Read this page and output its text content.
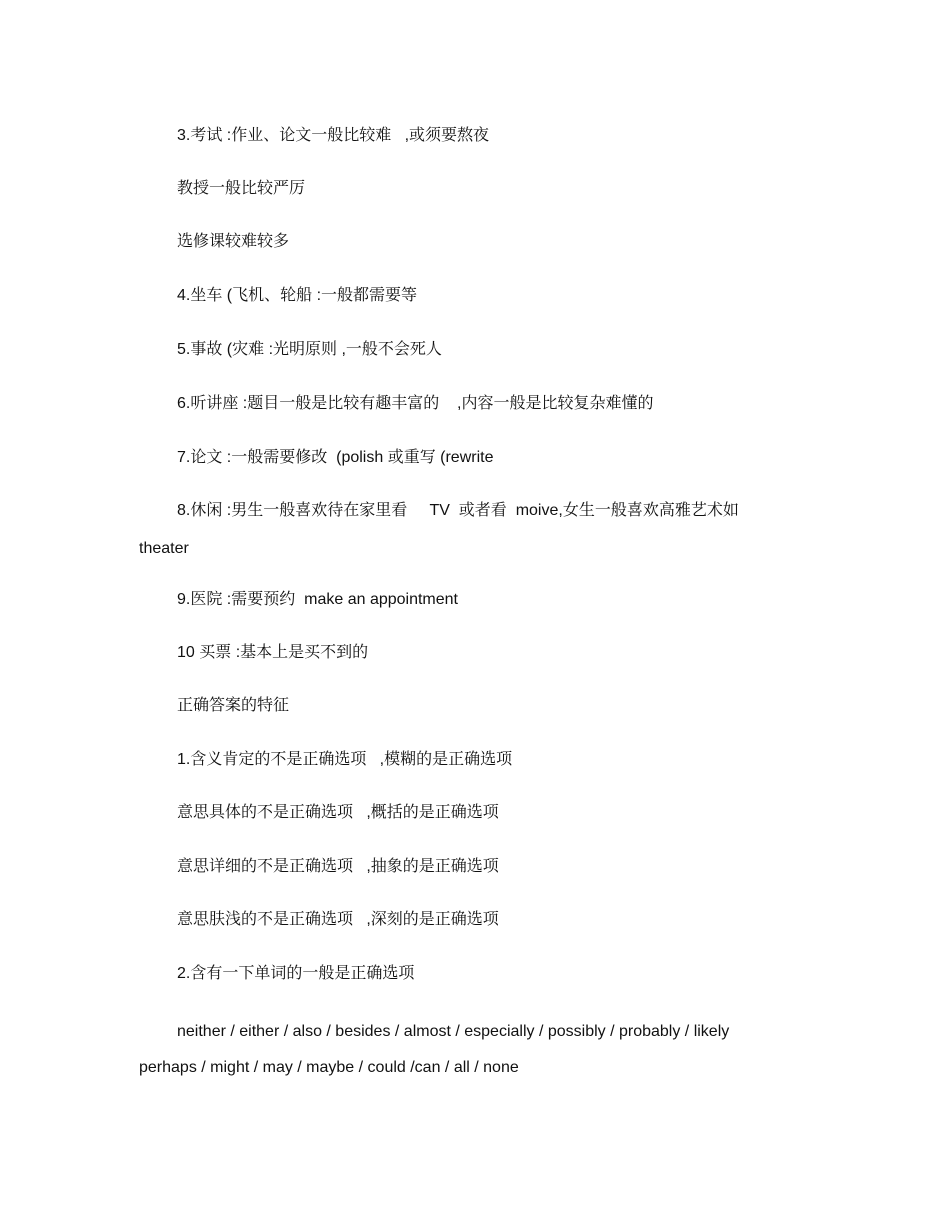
3.考试 :作业、论文一般比较难   ,或须要熬夜
教授一般比较严厉
选修课较难较多
4.坐车 (飞机、轮船 :一般都需要等
5.事故 (灾难 :光明原则 ,一般不会死人
6.听讲座 :题目一般是比较有趣丰富的    ,内容一般是比较复杂难懂的
7.论文 :一般需要修改  (polish 或重写 (rewrite
8.休闲 :男生一般喜欢待在家里看     TV  或者看  moive,女生一般喜欢高雅艺术如
theater
9.医院 :需要预约  make an appointment
10 买票 :基本上是买不到的
正确答案的特征
1.含义肯定的不是正确选项   ,模糊的是正确选项
意思具体的不是正确选项   ,概括的是正确选项
意思详细的不是正确选项   ,抽象的是正确选项
意思肤浅的不是正确选项   ,深刻的是正确选项
2.含有一下单词的一般是正确选项
neither / either / also / besides / almost / especially / possibly / probably / likely
perhaps / might / may / maybe / could /can / all / none
